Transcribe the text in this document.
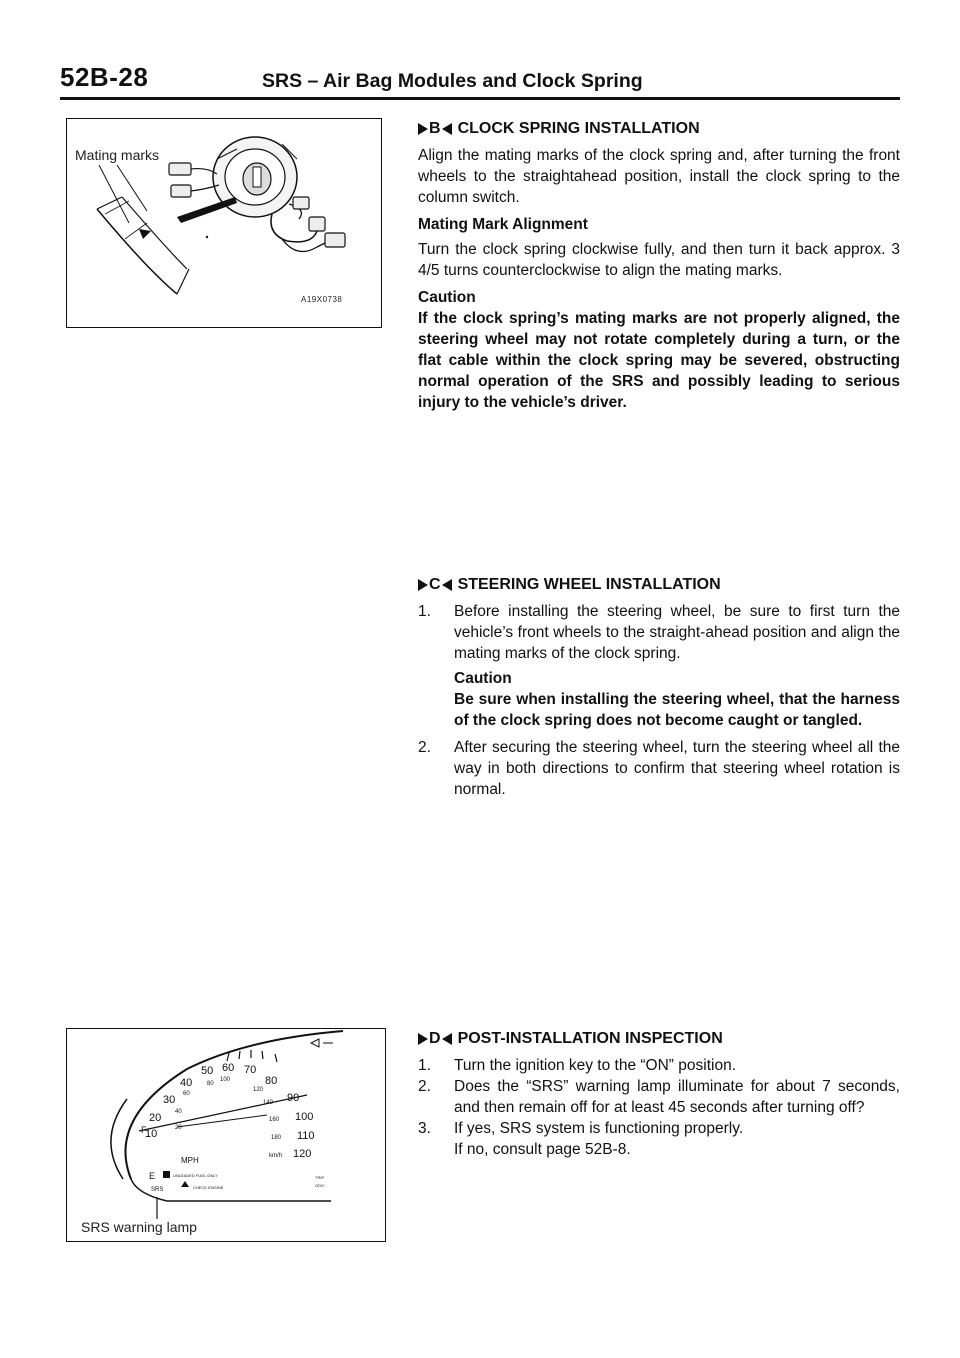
52B-28	SRS – Air Bag Modules and Clock Spring
Mating marks
A19X0738
B CLOCK SPRING INSTALLATION

Align the mating marks of the clock spring and, after turning the front wheels to the straightahead position, install the clock spring to the column switch.

Mating Mark Alignment

Turn the clock spring clockwise fully, and then turn it back approx. 3 4/5 turns counterclockwise to align the mating marks.

Caution

If the clock spring’s mating marks are not properly aligned, the steering wheel may not rotate completely during a turn, or the flat cable within the clock spring may be severed, obstructing normal operation of the SRS and possibly leading to serious injury to the vehicle’s driver.

C STEERING WHEEL INSTALLATION
1.	Before installing the steering wheel, be sure to first turn the vehicle’s front wheels to the straight-ahead position and align the mating marks of the clock spring.
Caution

Be sure when installing the steering wheel, that the harness of the clock spring does not become caught or tangled.

2.	After securing the steering wheel, turn the steering wheel all the way in both directions to confirm that steering wheel rotation is normal.
10
20
30
40
50 60 70
80
90
100
110
120
20
40
60
80
100
120
140
160
180
MPH	km/h
E
F
UNLEADED FUEL ONLY
CHECK ENGINE
SRS
TRIP
ODO
SRS warning lamp
D POST-INSTALLATION INSPECTION
1.	Turn the ignition key to the “ON” position.
2.	Does the “SRS” warning lamp illuminate for about 7 seconds, and then remain off for at least 45 seconds after turning off?
3.	If yes, SRS system is functioning properly.
If no, consult page 52B-8.
